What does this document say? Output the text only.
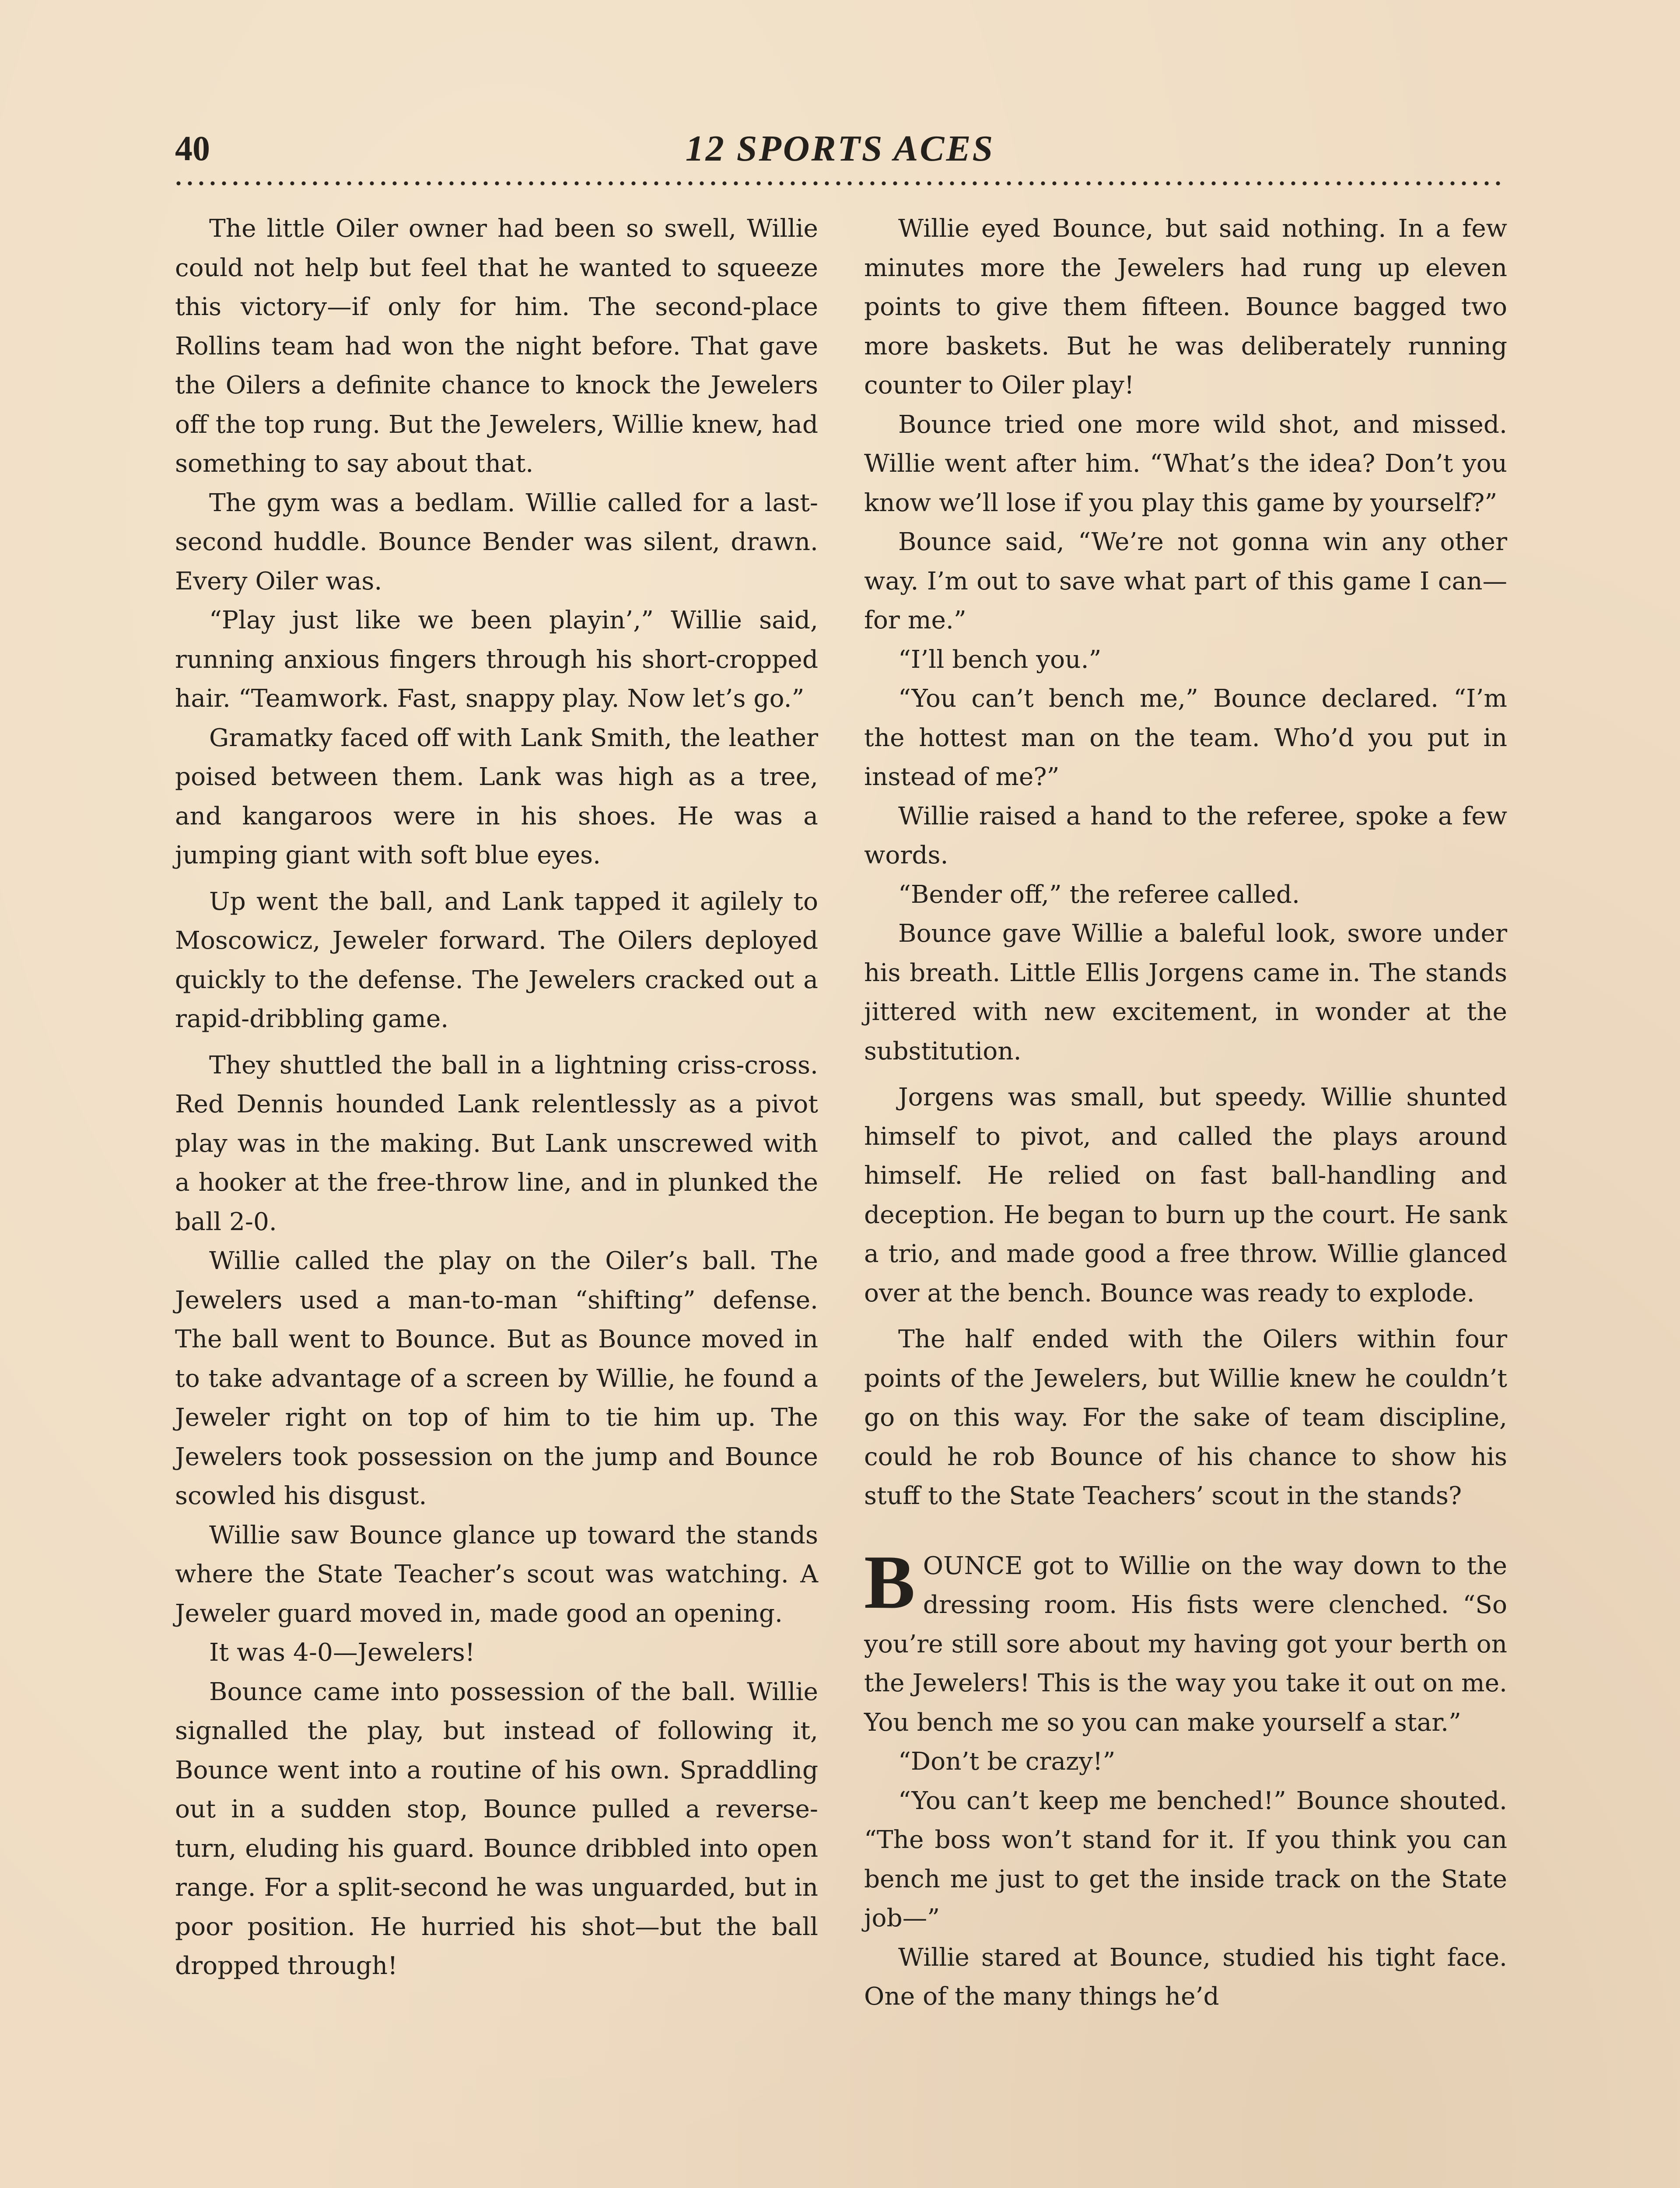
40	12 SPORTS ACES

The little Oiler owner had been so swell, Willie could not help but feel that he wanted to squeeze this victory—if only for him. The second-place Rollins team had won the night before. That gave the Oilers a definite chance to knock the Jewelers off the top rung. But the Jewelers, Willie knew, had something to say about that.

The gym was a bedlam. Willie called for a last-second huddle. Bounce Bender was silent, drawn. Every Oiler was.

“Play just like we been playin’,” Willie said, running anxious fingers through his short-cropped hair. “Teamwork. Fast, snappy play. Now let’s go.”

Gramatky faced off with Lank Smith, the leather poised between them. Lank was high as a tree, and kangaroos were in his shoes. He was a jumping giant with soft blue eyes.

Up went the ball, and Lank tapped it agilely to Moscowicz, Jeweler forward. The Oilers deployed quickly to the defense. The Jewelers cracked out a rapid-dribbling game.

They shuttled the ball in a lightning criss-cross. Red Dennis hounded Lank relentlessly as a pivot play was in the making. But Lank unscrewed with a hooker at the free-throw line, and in plunked the ball 2-0.

Willie called the play on the Oiler’s ball. The Jewelers used a man-to-man “shifting” defense. The ball went to Bounce. But as Bounce moved in to take advantage of a screen by Willie, he found a Jeweler right on top of him to tie him up. The Jewelers took possession on the jump and Bounce scowled his disgust.

Willie saw Bounce glance up toward the stands where the State Teacher’s scout was watching. A Jeweler guard moved in, made good an opening.

It was 4-0—Jewelers!

Bounce came into possession of the ball. Willie signalled the play, but instead of following it, Bounce went into a routine of his own. Spraddling out in a sudden stop, Bounce pulled a reverse-turn, eluding his guard. Bounce dribbled into open range. For a split-second he was unguarded, but in poor position. He hurried his shot—but the ball dropped through!

Willie eyed Bounce, but said nothing. In a few minutes more the Jewelers had rung up eleven points to give them fifteen. Bounce bagged two more baskets. But he was deliberately running counter to Oiler play!

Bounce tried one more wild shot, and missed. Willie went after him. “What’s the idea? Don’t you know we’ll lose if you play this game by yourself?”

Bounce said, “We’re not gonna win any other way. I’m out to save what part of this game I can—for me.”

“I’ll bench you.”

“You can’t bench me,” Bounce declared. “I’m the hottest man on the team. Who’d you put in instead of me?”

Willie raised a hand to the referee, spoke a few words.

“Bender off,” the referee called.

Bounce gave Willie a baleful look, swore under his breath. Little Ellis Jorgens came in. The stands jittered with new excitement, in wonder at the substitution.

Jorgens was small, but speedy. Willie shunted himself to pivot, and called the plays around himself. He relied on fast ball-handling and deception. He began to burn up the court. He sank a trio, and made good a free throw. Willie glanced over at the bench. Bounce was ready to explode.

The half ended with the Oilers within four points of the Jewelers, but Willie knew he couldn’t go on this way. For the sake of team discipline, could he rob Bounce of his chance to show his stuff to the State Teachers’ scout in the stands?

BOUNCE got to Willie on the way down to the dressing room. His fists were clenched. “So you’re still sore about my having got your berth on the Jewelers! This is the way you take it out on me. You bench me so you can make yourself a star.”

“Don’t be crazy!”

“You can’t keep me benched!” Bounce shouted. “The boss won’t stand for it. If you think you can bench me just to get the inside track on the State job—”

Willie stared at Bounce, studied his tight face. One of the many things he’d
